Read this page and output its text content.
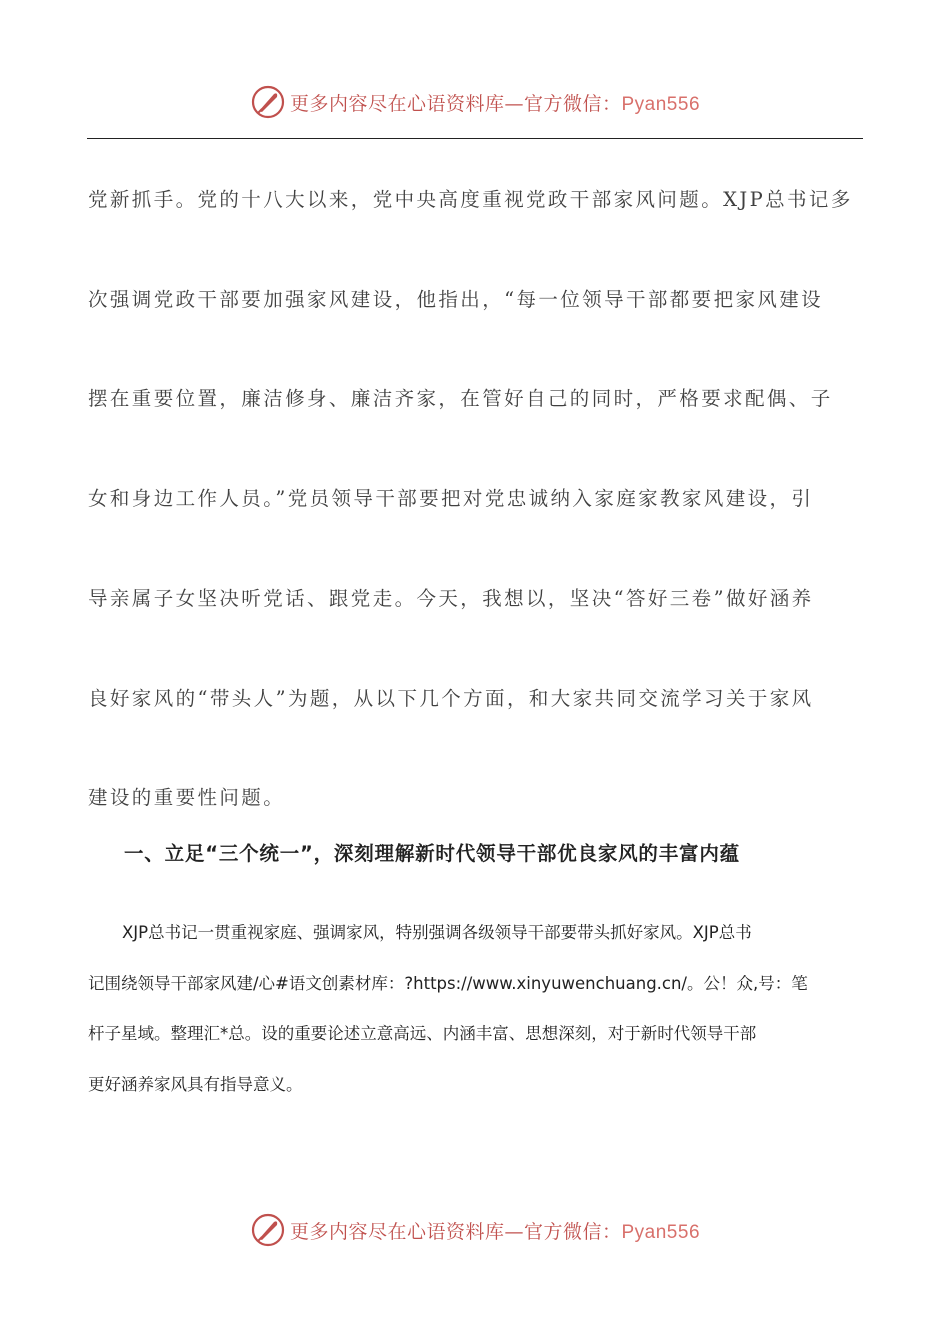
更多内容尽在心语资料库—官方微信：Pyan556
党新抓手。党的十八大以来，党中央高度重视党政干部家风问题。XJP总书记多
次强调党政干部要加强家风建设，他指出，“每一位领导干部都要把家风建设
摆在重要位置，廉洁修身、廉洁齐家，在管好自己的同时，严格要求配偶、子
女和身边工作人员。”党员领导干部要把对党忠诚纳入家庭家教家风建设，引
导亲属子女坚决听党话、跟党走。今天，我想以，坚决“答好三卷”做好涵养
良好家风的“带头人”为题，从以下几个方面，和大家共同交流学习关于家风
建设的重要性问题。
一、立足“三个统一”，深刻理解新时代领导干部优良家风的丰富内蕴
XJP总书记一贯重视家庭、强调家风，特别强调各级领导干部要带头抓好家风。XJP总书
记围绕领导干部家风建/心#语文创素材库：?https://www.xinyuwenchuang.cn/。公！众,号：笔
杆子星域。整理汇*总。设的重要论述立意高远、内涵丰富、思想深刻，对于新时代领导干部
更好涵养家风具有指导意义。
更多内容尽在心语资料库—官方微信：Pyan556
